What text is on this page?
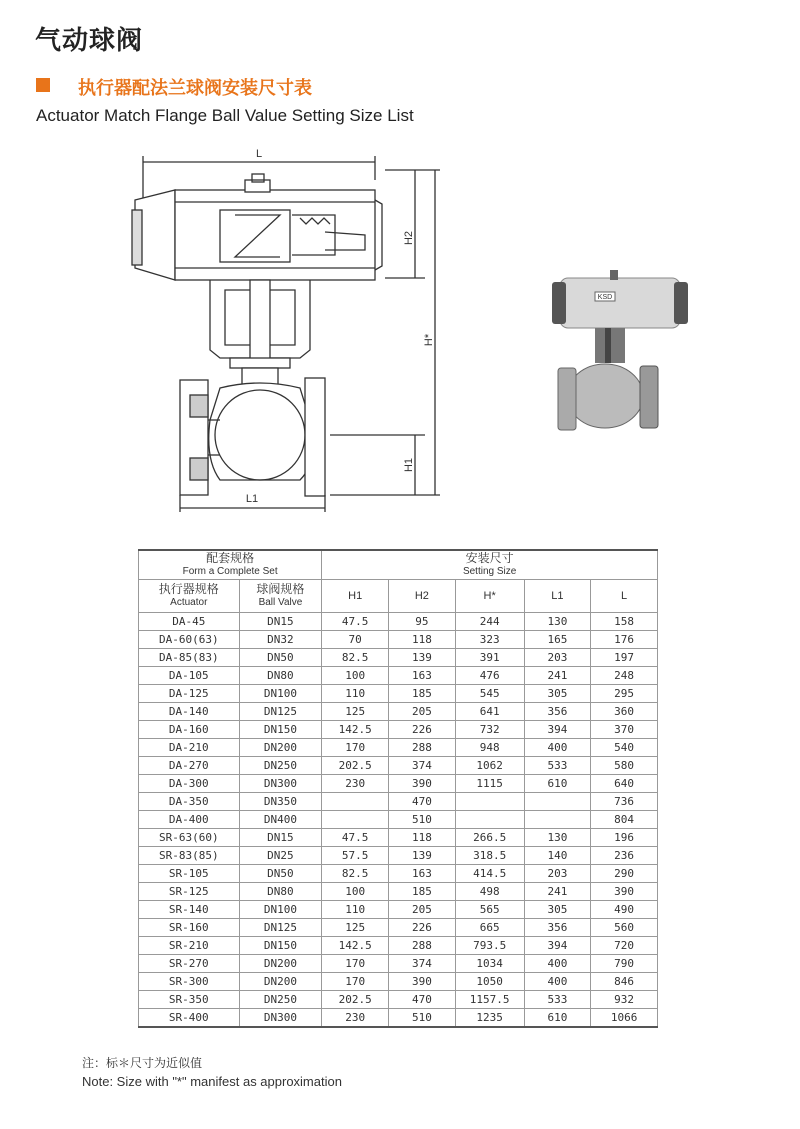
气动球阀
执行器配法兰球阀安装尺寸表
Actuator Match Flange Ball Value Setting Size List
L
H2
H*
H1
L1
KSD
配套规格
Form a Complete Set		安装尺寸
Setting Size				
执行器规格
Actuator	球阀规格
Ball Valve	H1	H2	H*	L1	L
DA-45	DN15	47.5	95	244	130	158
DA-60(63)	DN32	70	118	323	165	176
DA-85(83)	DN50	82.5	139	391	203	197
DA-105	DN80	100	163	476	241	248
DA-125	DN100	110	185	545	305	295
DA-140	DN125	125	205	641	356	360
DA-160	DN150	142.5	226	732	394	370
DA-210	DN200	170	288	948	400	540
DA-270	DN250	202.5	374	1062	533	580
DA-300	DN300	230	390	1115	610	640
DA-350	DN350		470			736
DA-400	DN400		510			804
SR-63(60)	DN15	47.5	118	266.5	130	196
SR-83(85)	DN25	57.5	139	318.5	140	236
SR-105	DN50	82.5	163	414.5	203	290
SR-125	DN80	100	185	498	241	390
SR-140	DN100	110	205	565	305	490
SR-160	DN125	125	226	665	356	560
SR-210	DN150	142.5	288	793.5	394	720
SR-270	DN200	170	374	1034	400	790
SR-300	DN200	170	390	1050	400	846
SR-350	DN250	202.5	470	1157.5	533	932
SR-400	DN300	230	510	1235	610	1066
注：标＊尺寸为近似值
Note: Size with "*" manifest as approximation
